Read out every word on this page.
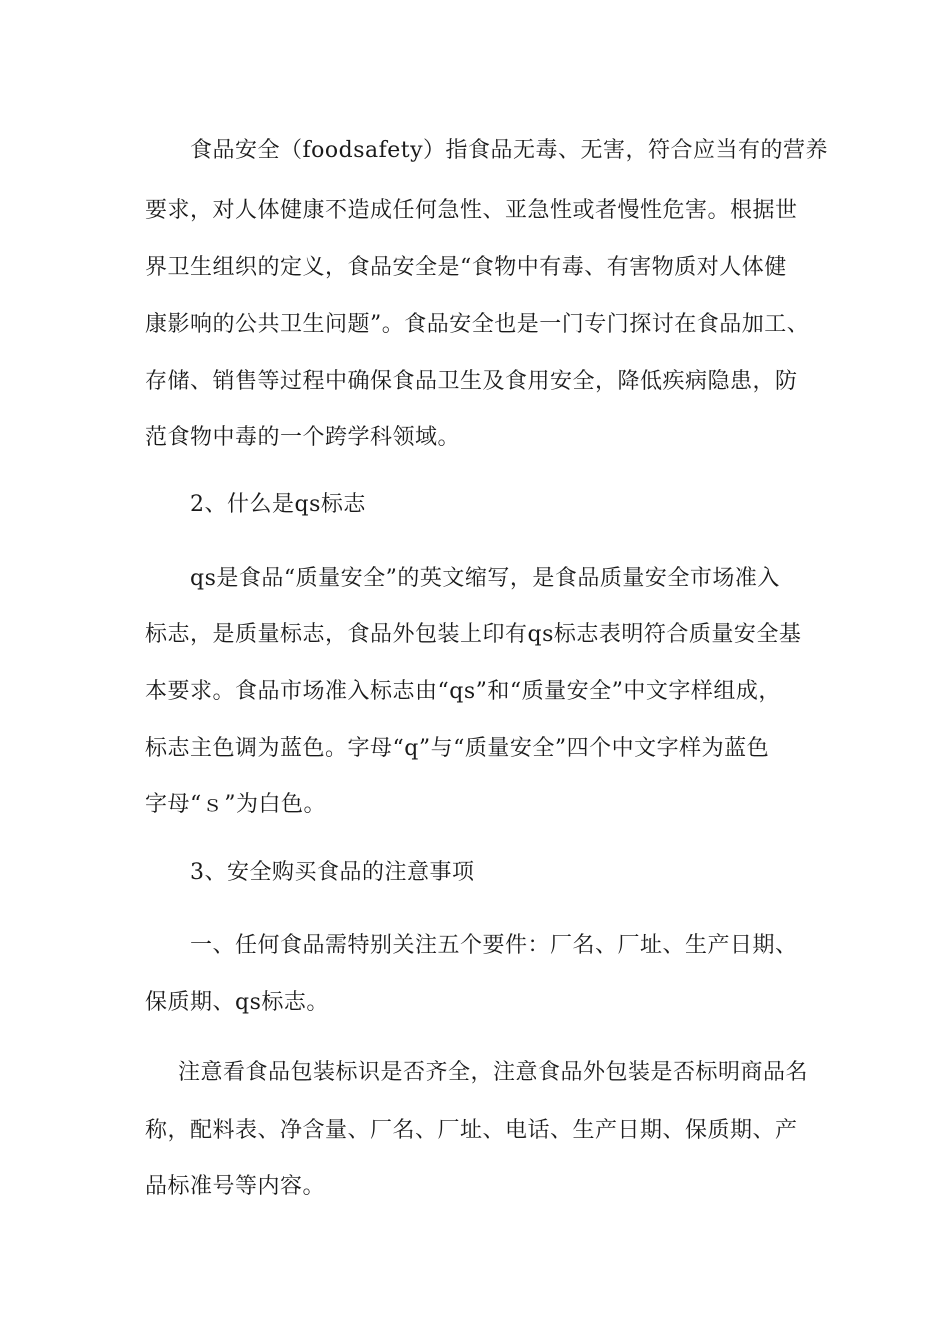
食品安全（foodsafety）指食品无毒、无害，符合应当有的营养
要求，对人体健康不造成任何急性、亚急性或者慢性危害。根据世
界卫生组织的定义，食品安全是“食物中有毒、有害物质对人体健
康影响的公共卫生问题”。食品安全也是一门专门探讨在食品加工、
存储、销售等过程中确保食品卫生及食用安全，降低疾病隐患，防
范食物中毒的一个跨学科领域。
2、什么是qs标志
qs是食品“质量安全”的英文缩写，是食品质量安全市场准入
标志，是质量标志，食品外包装上印有qs标志表明符合质量安全基
本要求。食品市场准入标志由“qs”和“质量安全”中文字样组成，
标志主色调为蓝色。字母“q”与“质量安全”四个中文字样为蓝色
字母“ｓ”为白色。
3、安全购买食品的注意事项
一、任何食品需特别关注五个要件：厂名、厂址、生产日期、
保质期、qs标志。
注意看食品包装标识是否齐全，注意食品外包装是否标明商品名
称，配料表、净含量、厂名、厂址、电话、生产日期、保质期、产
品标准号等内容。
